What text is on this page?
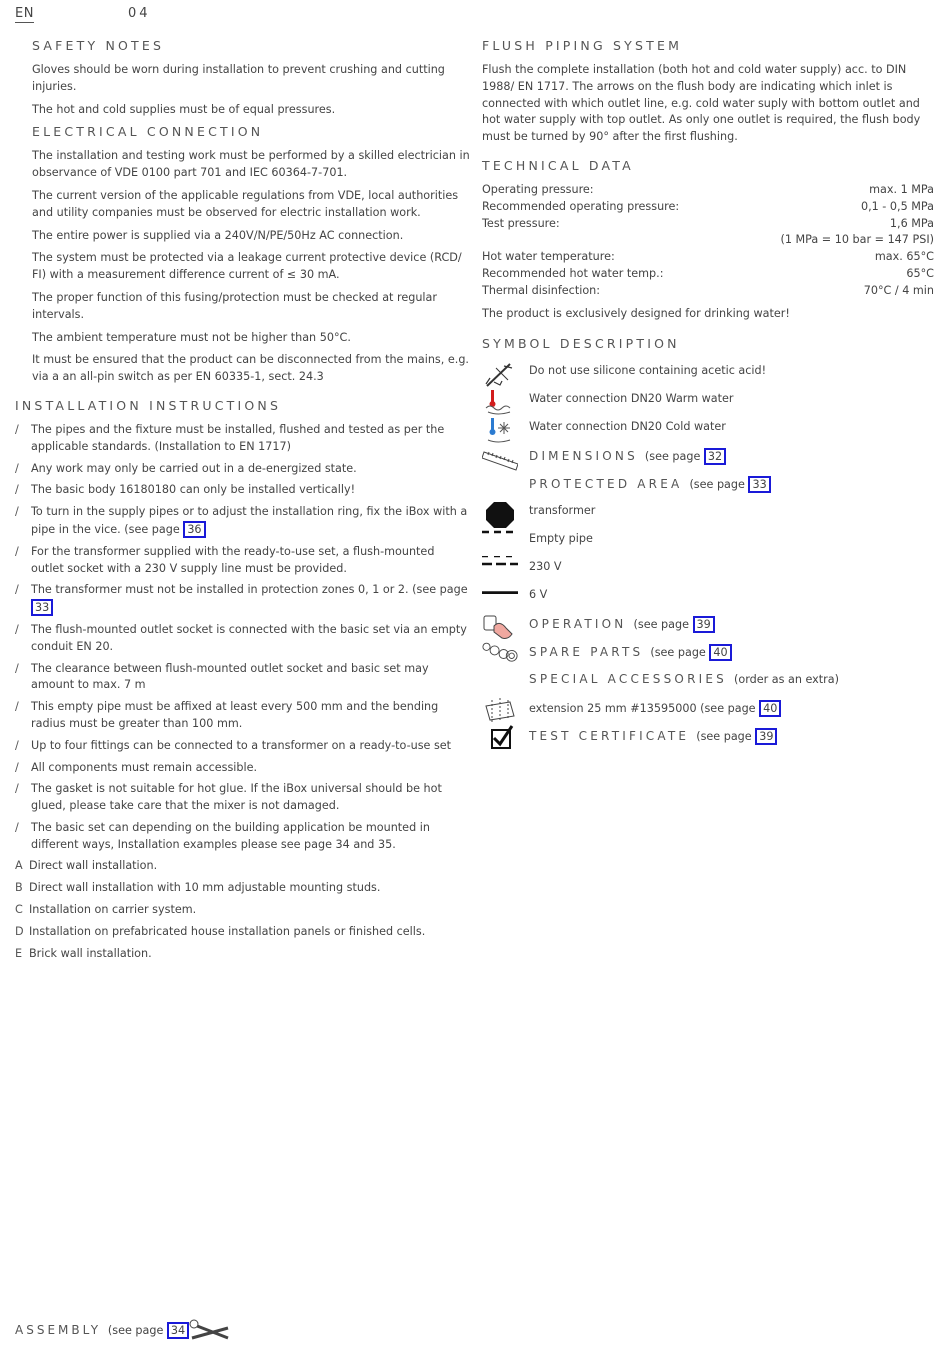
EN	04
SAFETY NOTES

Gloves should be worn during installation to prevent crushing and cutting injuries.

The hot and cold supplies must be of equal pressures.

ELECTRICAL CONNECTION

The installation and testing work must be performed by a skilled electrician in observance of VDE 0100 part 701 and IEC 60364-7-701.

The current version of the applicable regulations from VDE, local authorities and utility companies must be observed for electric installation work.

The entire power is supplied via a 240V/N/PE/50Hz AC connection.

The system must be protected via a leakage current protective device (RCD/ FI) with a measurement difference current of ≤ 30 mA.

The proper function of this fusing/protection must be checked at regular intervals.

The ambient temperature must not be higher than 50°C.

It must be ensured that the product can be disconnected from the mains, e.g. via a an all-pin switch as per EN 60335-1, sect. 24.3

INSTALLATION INSTRUCTIONS
/ The pipes and the fixture must be installed, flushed and tested as per the applicable standards. (Installation to EN 1717)
/ Any work may only be carried out in a de-energized state.
/ The basic body 16180180 can only be installed vertically!
/ To turn in the supply pipes or to adjust the installation ring, fix the iBox with a pipe in the vice. (see page 36
/ For the transformer supplied with the ready-to-use set, a flush-mounted outlet socket with a 230 V supply line must be provided.
/ The transformer must not be installed in protection zones 0, 1 or 2. (see page 33
/ The flush-mounted outlet socket is connected with the basic set via an empty conduit EN 20.
/ The clearance between flush-mounted outlet socket and basic set may amount to max. 7 m
/ This empty pipe must be affixed at least every 500 mm and the bending radius must be greater than 100 mm.
/ Up to four fittings can be connected to a transformer on a ready-to-use set
/ All components must remain accessible.
/ The gasket is not suitable for hot glue. If the iBox universal should be hot glued, please take care that the mixer is not damaged.
/ The basic set can depending on the building application be mounted in different ways, Installation examples please see page 34 and 35.
A Direct wall installation.
B Direct wall installation with 10 mm adjustable mounting studs.
C Installation on carrier system.
D Installation on prefabricated house installation panels or finished cells.
E Brick wall installation.
FLUSH PIPING SYSTEM

Flush the complete installation (both hot and cold water supply) acc. to DIN 1988/ EN 1717. The arrows on the flush body are indicating which inlet is connected with which outlet line, e.g. cold water suply with bottom outlet and hot water supply with top outlet. As only one outlet is required, the flush body must be turned by 90° after the first flushing.

TECHNICAL DATA
Operating pressure:	max. 1 MPa
Recommended operating pressure:	0,1 - 0,5 MPa
Test pressure:	1,6 MPa
(1 MPa = 10 bar = 147 PSI)
Hot water temperature:	max. 65°C
Recommended hot water temp.:	65°C
Thermal disinfection:	70°C / 4 min

The product is exclusively designed for drinking water!

SYMBOL DESCRIPTION
Do not use silicone containing acetic acid!
Water connection DN20 Warm water
Water connection DN20 Cold water
DIMENSIONS (see page 32
PROTECTED AREA (see page 33
transformer
Empty pipe
230 V
6 V
OPERATION (see page 39
SPARE PARTS (see page 40
SPECIAL ACCESSORIES (order as an extra)
extension 25 mm #13595000 (see page 40
TEST CERTIFICATE (see page 39
ASSEMBLY (see page 34
